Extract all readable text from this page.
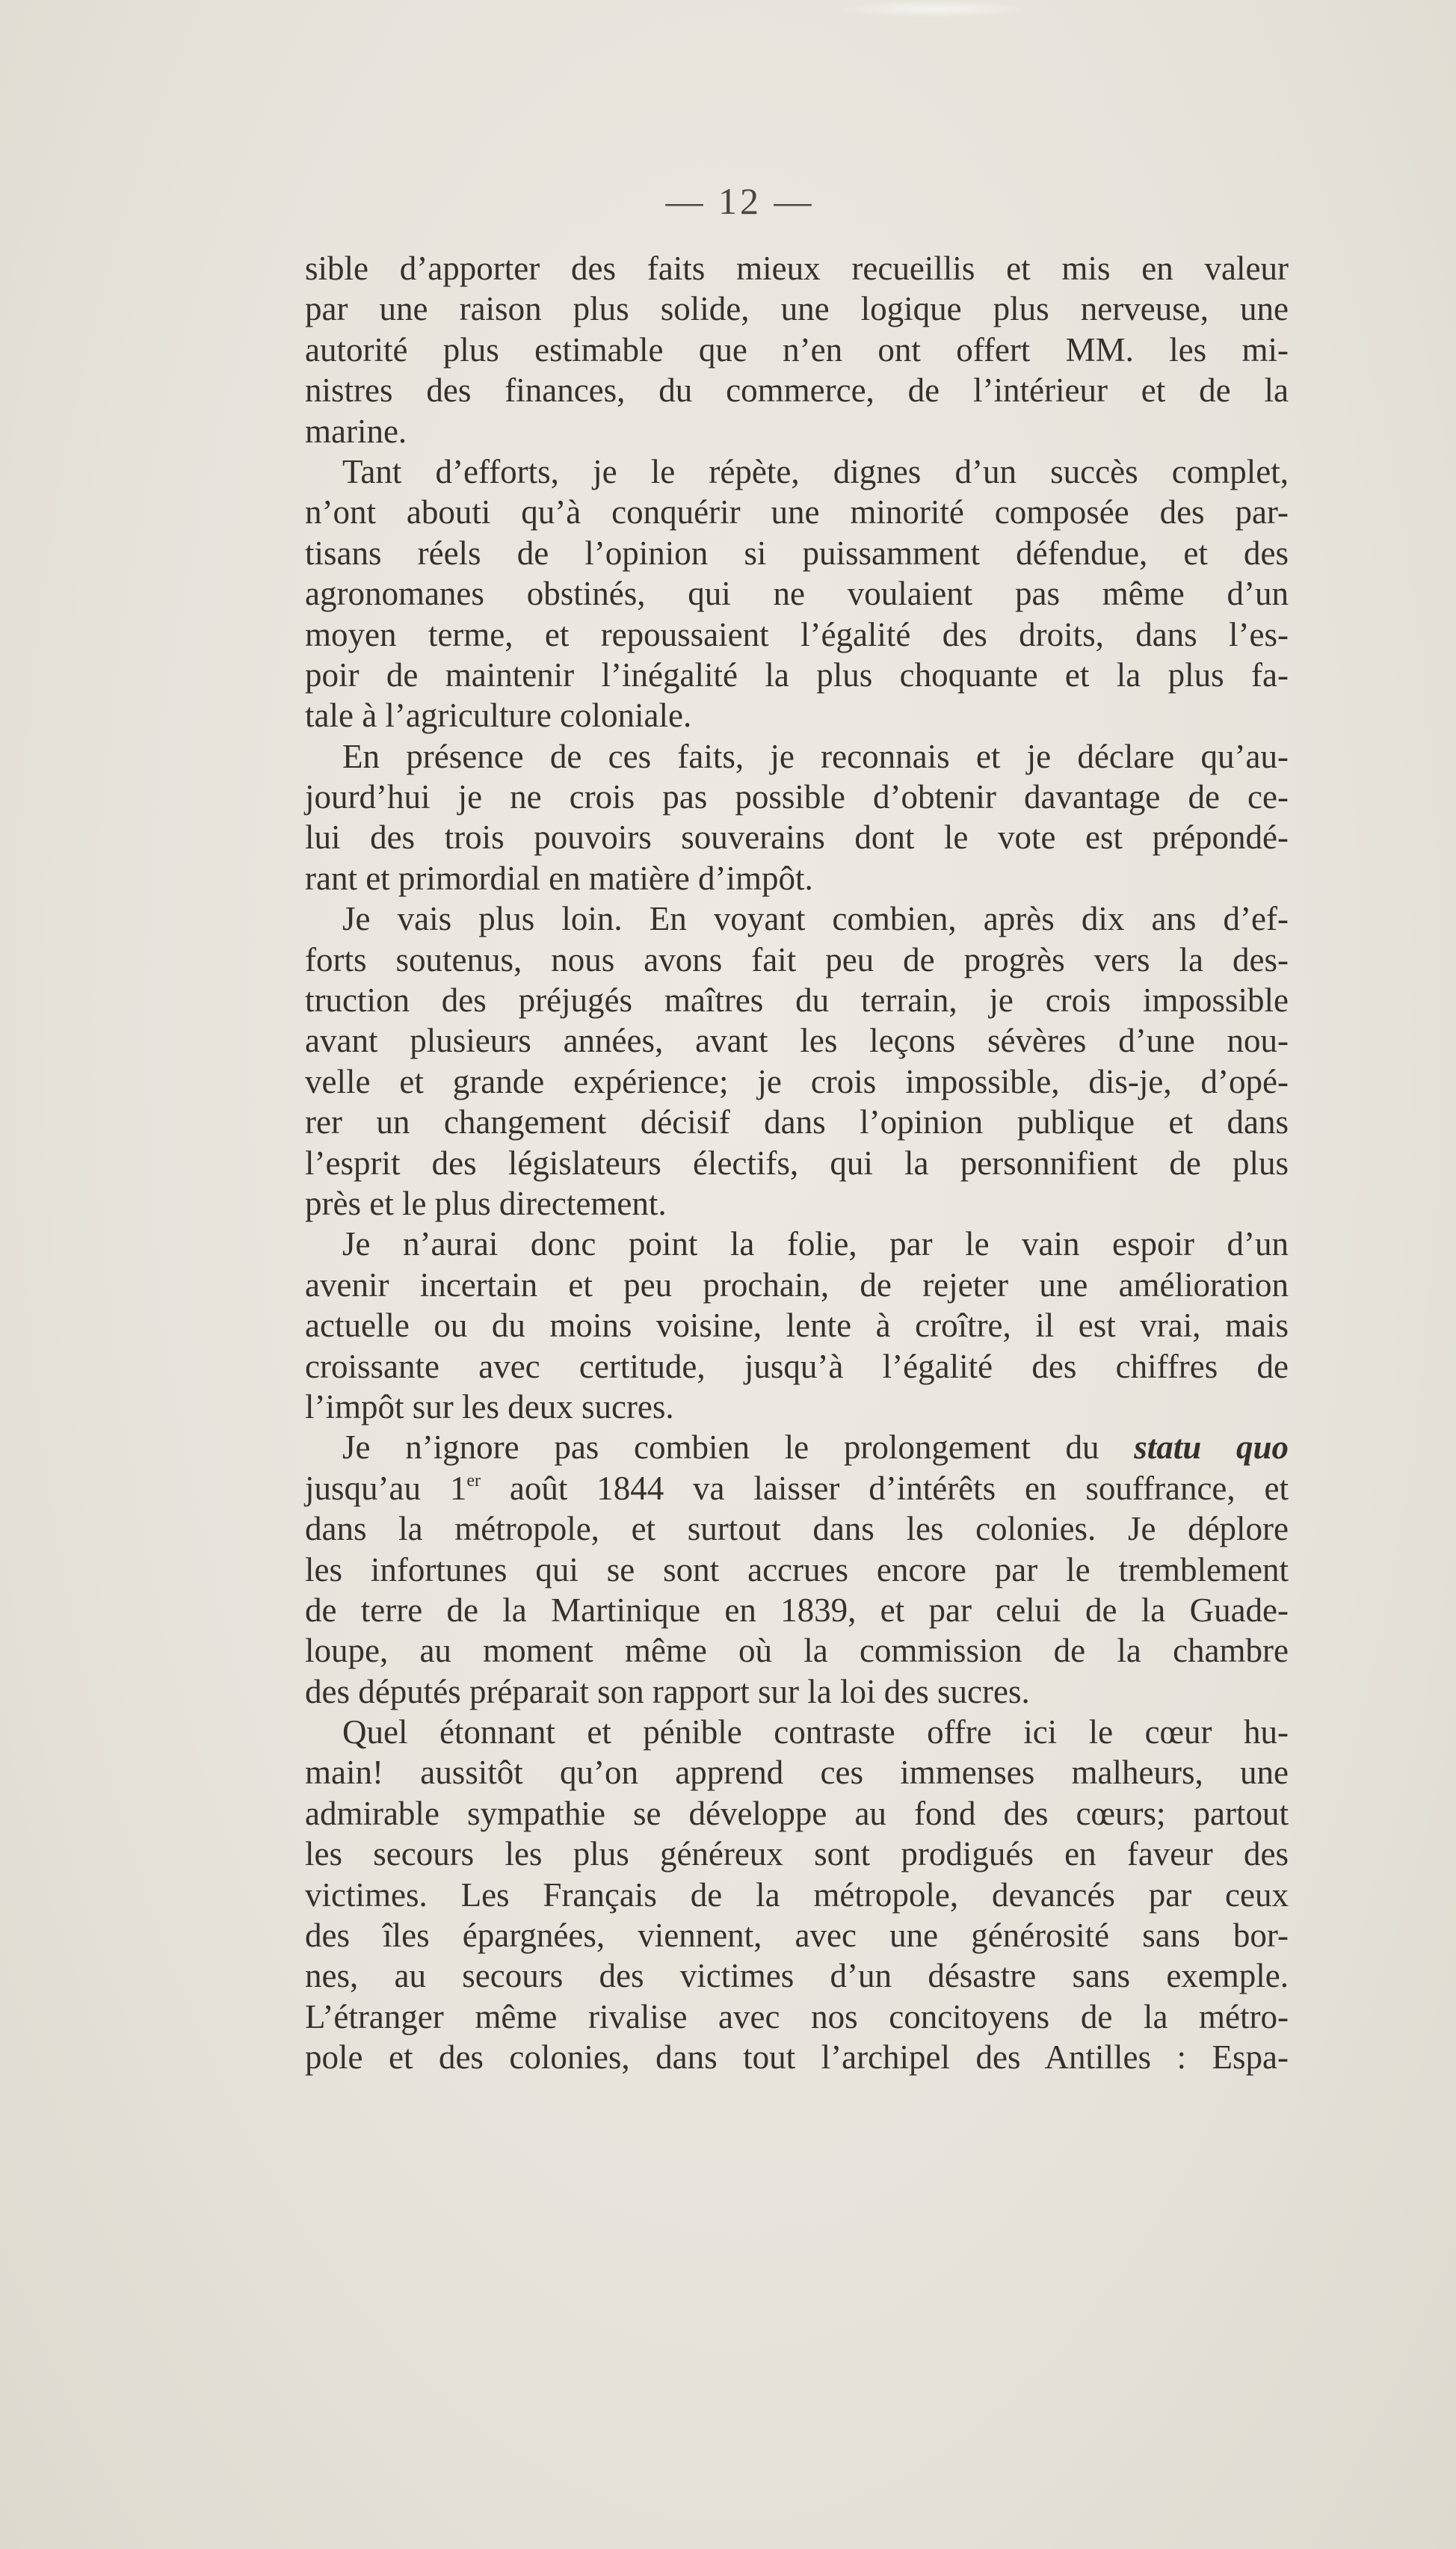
— 12 —
sible d’apporter des faits mieux recueillis et mis en valeur
par une raison plus solide, une logique plus nerveuse, une
autorité plus estimable que n’en ont offert MM. les mi-
nistres des finances, du commerce, de l’intérieur et de la
marine.
Tant d’efforts, je le répète, dignes d’un succès complet,
n’ont abouti qu’à conquérir une minorité composée des par-
tisans réels de l’opinion si puissamment défendue, et des
agronomanes obstinés, qui ne voulaient pas même d’un
moyen terme, et repoussaient l’égalité des droits, dans l’es-
poir de maintenir l’inégalité la plus choquante et la plus fa-
tale à l’agriculture coloniale.
En présence de ces faits, je reconnais et je déclare qu’au-
jourd’hui je ne crois pas possible d’obtenir davantage de ce-
lui des trois pouvoirs souverains dont le vote est prépondé-
rant et primordial en matière d’impôt.
Je vais plus loin. En voyant combien, après dix ans d’ef-
forts soutenus, nous avons fait peu de progrès vers la des-
truction des préjugés maîtres du terrain, je crois impossible
avant plusieurs années, avant les leçons sévères d’une nou-
velle et grande expérience; je crois impossible, dis-je, d’opé-
rer un changement décisif dans l’opinion publique et dans
l’esprit des législateurs électifs, qui la personnifient de plus
près et le plus directement.
Je n’aurai donc point la folie, par le vain espoir d’un
avenir incertain et peu prochain, de rejeter une amélioration
actuelle ou du moins voisine, lente à croître, il est vrai, mais
croissante avec certitude, jusqu’à l’égalité des chiffres de
l’impôt sur les deux sucres.
Je n’ignore pas combien le prolongement du statu quo
jusqu’au 1er août 1844 va laisser d’intérêts en souffrance, et
dans la métropole, et surtout dans les colonies. Je déplore
les infortunes qui se sont accrues encore par le tremblement
de terre de la Martinique en 1839, et par celui de la Guade-
loupe, au moment même où la commission de la chambre
des députés préparait son rapport sur la loi des sucres.
Quel étonnant et pénible contraste offre ici le cœur hu-
main! aussitôt qu’on apprend ces immenses malheurs, une
admirable sympathie se développe au fond des cœurs; partout
les secours les plus généreux sont prodigués en faveur des
victimes. Les Français de la métropole, devancés par ceux
des îles épargnées, viennent, avec une générosité sans bor-
nes, au secours des victimes d’un désastre sans exemple.
L’étranger même rivalise avec nos concitoyens de la métro-
pole et des colonies, dans tout l’archipel des Antilles : Espa-
